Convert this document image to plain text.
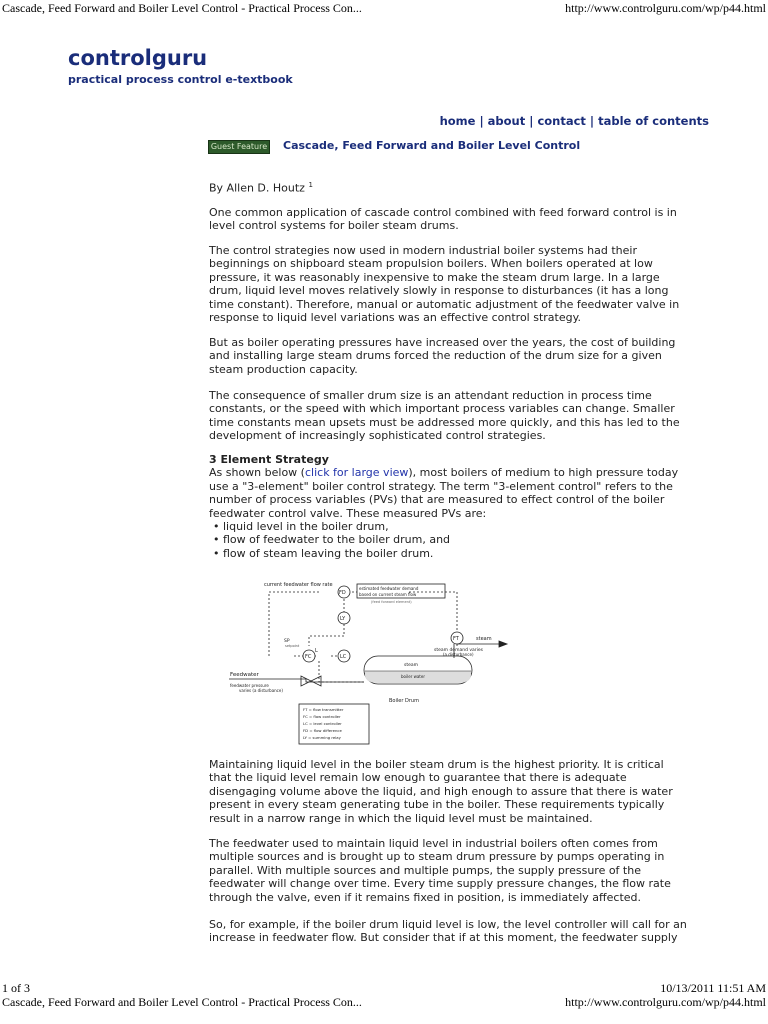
Cascade, Feed Forward and Boiler Level Control - Practical Process Con...	http://www.controlguru.com/wp/p44.html
controlguru
practical process control e-textbook
home | about | contact | table of contents
Guest Feature Cascade, Feed Forward and Boiler Level Control
By Allen D. Houtz $^1$

One common application of cascade control combined with feed forward control is in level control systems for boiler steam drums.

The control strategies now used in modern industrial boiler systems had their beginnings on shipboard steam propulsion boilers. When boilers operated at low pressure, it was reasonably inexpensive to make the steam drum large. In a large drum, liquid level moves relatively slowly in response to disturbances (it has a long time constant). Therefore, manual or automatic adjustment of the feedwater valve in response to liquid level variations was an effective control strategy.

But as boiler operating pressures have increased over the years, the cost of building and installing large steam drums forced the reduction of the drum size for a given steam production capacity.

The consequence of smaller drum size is an attendant reduction in process time constants, or the speed with which important process variables can change. Smaller time constants mean upsets must be addressed more quickly, and this has led to the development of increasingly sophisticated control strategies.

3 Element Strategy

As shown below (click for large view), most boilers of medium to high pressure today use a "3-element" boiler control strategy. The term "3-element control" refers to the number of process variables (PVs) that are measured to effect control of the boiler feedwater control valve. These measured PVs are:

• liquid level in the boiler drum,

• flow of feedwater to the boiler drum, and

• flow of steam leaving the boiler drum.

FD
LY
FT
FC	LC
current feedwater flow rate
estimated feedwater demand
based on current steam flow
(feed forward element)
steam
steam demand varies
(a disturbance)
steam
boiler water
SP
setpoint
L
Feedwater
feedwater pressure
varies (a disturbance)
Boiler Drum
FT = flow transmitter
FC = flow controller
LC = level controller
FD = flow difference
LY = summing relay

Maintaining liquid level in the boiler steam drum is the highest priority. It is critical that the liquid level remain low enough to guarantee that there is adequate disengaging volume above the liquid, and high enough to assure that there is water present in every steam generating tube in the boiler. These requirements typically result in a narrow range in which the liquid level must be maintained.

The feedwater used to maintain liquid level in industrial boilers often comes from multiple sources and is brought up to steam drum pressure by pumps operating in parallel. With multiple sources and multiple pumps, the supply pressure of the feedwater will change over time. Every time supply pressure changes, the flow rate through the valve, even if it remains fixed in position, is immediately affected.

So, for example, if the boiler drum liquid level is low, the level controller will call for an increase in feedwater flow. But consider that if at this moment, the feedwater supply

1 of 3	10/13/2011 11:51 AM
Cascade, Feed Forward and Boiler Level Control - Practical Process Con...	http://www.controlguru.com/wp/p44.html
